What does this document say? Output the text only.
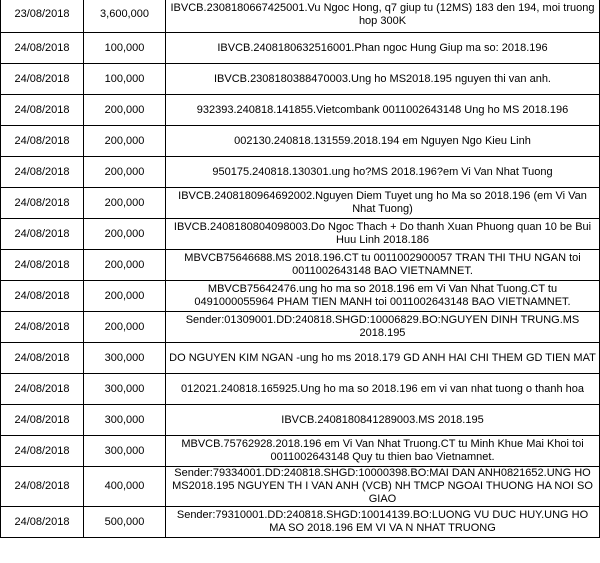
23/08/2018	3,600,000	IBVCB.2308180667425001.Vu Ngoc Hong, q7 giup tu (12MS) 183 den 194, moi truong hop 300K
24/08/2018	100,000	IBVCB.2408180632516001.Phan ngoc Hung Giup ma so: 2018.196
24/08/2018	100,000	IBVCB.2308180388470003.Ung ho MS2018.195 nguyen thi van anh.
24/08/2018	200,000	932393.240818.141855.Vietcombank 0011002643148 Ung ho MS 2018.196
24/08/2018	200,000	002130.240818.131559.2018.194 em Nguyen Ngo Kieu Linh
24/08/2018	200,000	950175.240818.130301.ung ho?MS 2018.196?em Vi Van Nhat Tuong
24/08/2018	200,000	IBVCB.2408180964692002.Nguyen Diem Tuyet ung ho Ma so 2018.196 (em Vi Van Nhat Tuong)
24/08/2018	200,000	IBVCB.2408180804098003.Do Ngoc Thach + Do thanh Xuan Phuong quan 10 be Bui Huu Linh 2018.186
24/08/2018	200,000	MBVCB75646688.MS 2018.196.CT tu 0011002900057 TRAN THI THU NGAN toi 0011002643148 BAO VIETNAMNET.
24/08/2018	200,000	MBVCB75642476.ung ho ma so 2018.196 em Vi Van Nhat Tuong.CT tu 0491000055964 PHAM TIEN MANH toi 0011002643148 BAO VIETNAMNET.
24/08/2018	200,000	Sender:01309001.DD:240818.SHGD:10006829.BO:NGUYEN DINH TRUNG.MS 2018.195
24/08/2018	300,000	DO NGUYEN KIM NGAN -ung ho ms 2018.179 GD ANH HAI CHI THEM GD TIEN MAT
24/08/2018	300,000	012021.240818.165925.Ung ho ma so 2018.196 em vi van nhat tuong o thanh hoa
24/08/2018	300,000	IBVCB.2408180841289003.MS 2018.195
24/08/2018	300,000	MBVCB.75762928.2018.196 em Vi Van Nhat Truong.CT tu Minh Khue Mai Khoi toi 0011002643148 Quy tu thien bao Vietnamnet.
24/08/2018	400,000	Sender:79334001.DD:240818.SHGD:10000398.BO:MAI DAN ANH0821652.UNG HO MS2018.195 NGUYEN TH I VAN ANH (VCB) NH TMCP NGOAI THUONG HA NOI SO GIAO
24/08/2018	500,000	Sender:79310001.DD:240818.SHGD:10014139.BO:LUONG VU DUC HUY.UNG HO MA SO 2018.196 EM VI VA N NHAT TRUONG
